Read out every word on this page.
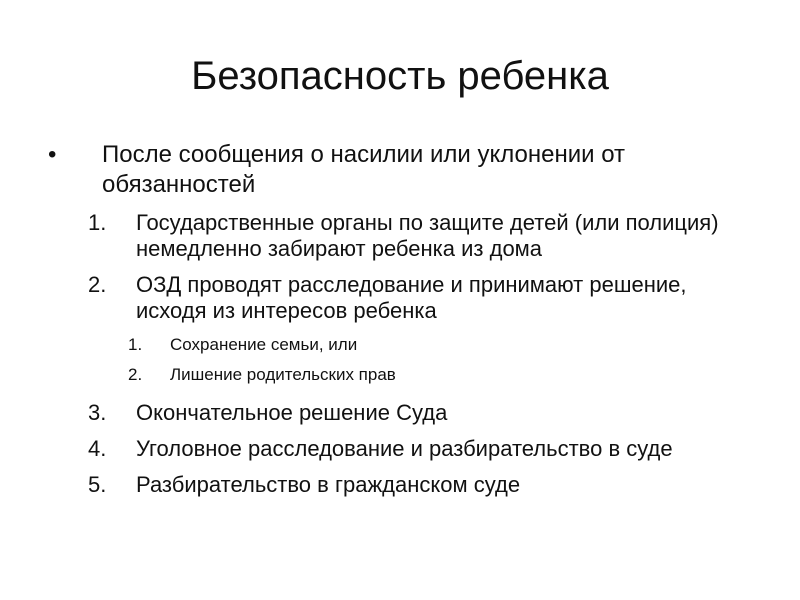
Безопасность ребенка
• После сообщения о насилии или уклонении от обязанностей
1. Государственные органы по защите детей (или полиция) немедленно забирают ребенка из дома
2. ОЗД проводят расследование и принимают решение, исходя из интересов ребенка
1. Сохранение семьи, или
2. Лишение родительских прав
3. Окончательное решение Суда
4. Уголовное расследование и разбирательство в суде
5. Разбирательство в гражданском суде
